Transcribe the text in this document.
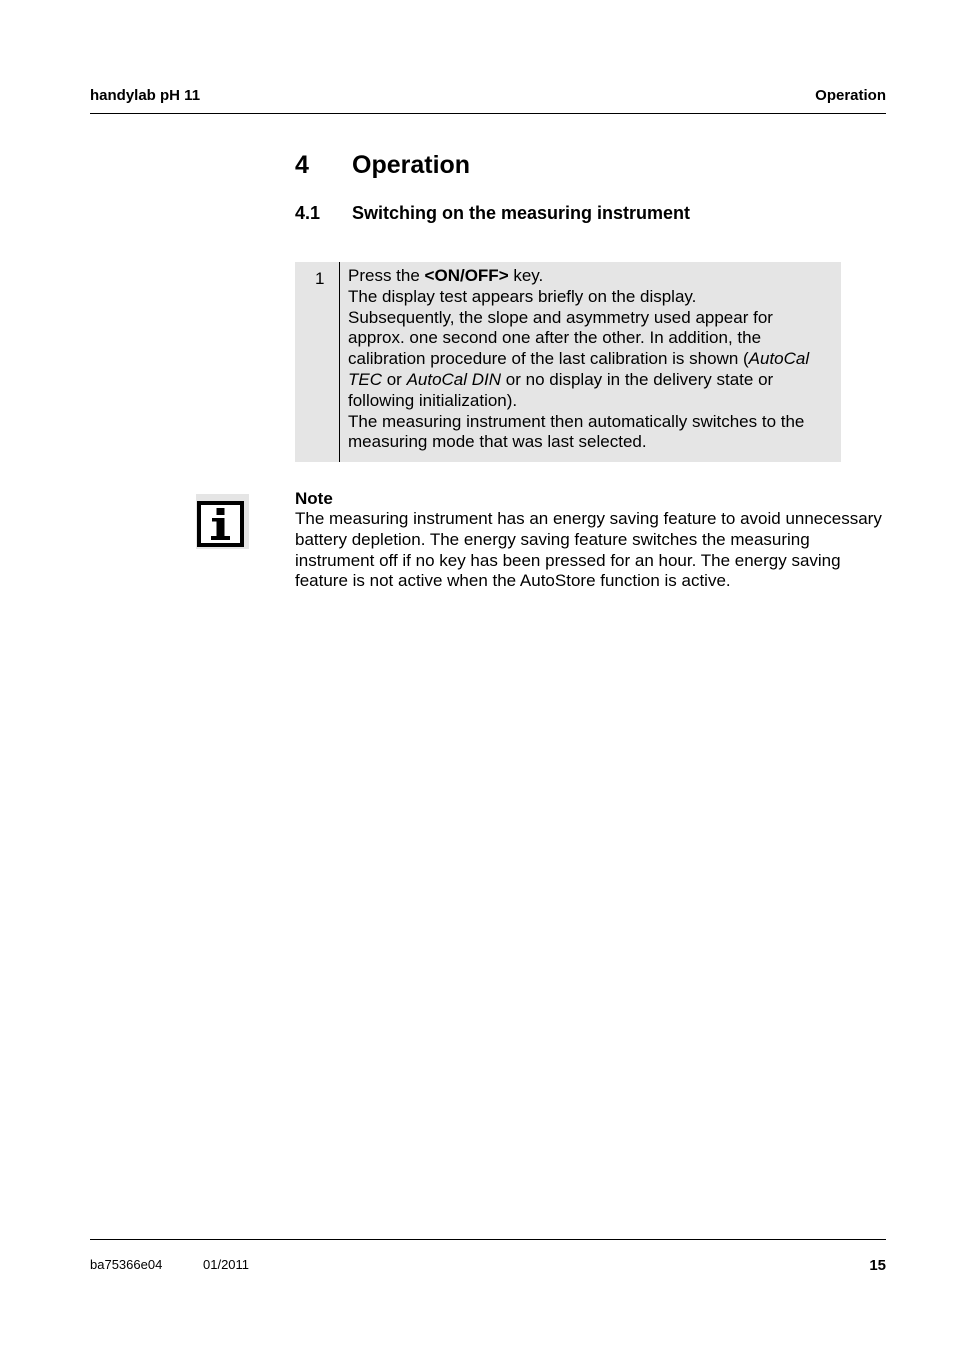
handylab pH 11	Operation
4 Operation
4.1 Switching on the measuring instrument
1 Press the <ON/OFF> key.

The display test appears briefly on the display.

Subsequently, the slope and asymmetry used appear for approx. one second one after the other. In addition, the calibration procedure of the last calibration is shown (AutoCal TEC or AutoCal DIN or no display in the delivery state or following initialization).

The measuring instrument then automatically switches to the measuring mode that was last selected.

Note

The measuring instrument has an energy saving feature to avoid unnecessary battery depletion. The energy saving feature switches the measuring instrument off if no key has been pressed for an hour. The energy saving feature is not active when the AutoStore function is active.

ba75366e04	01/2011	15
